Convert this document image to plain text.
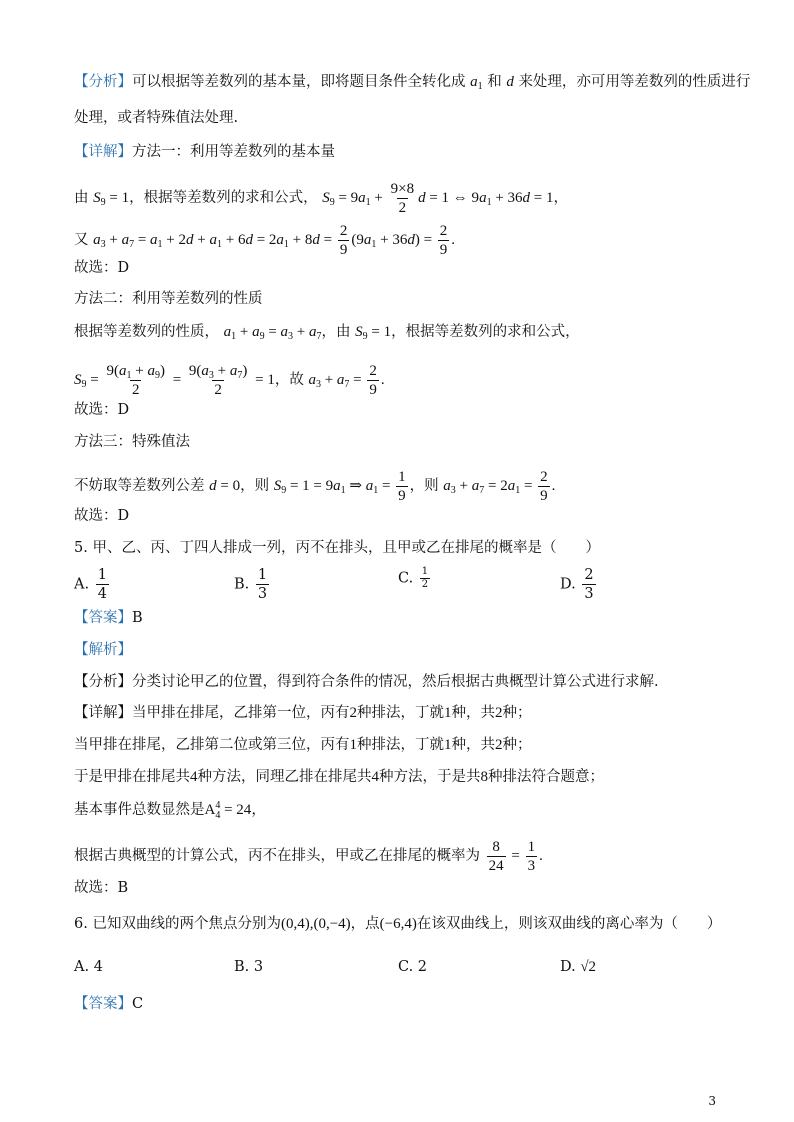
【分析】可以根据等差数列的基本量，即将题目条件全转化成 $a_1$ 和 d 来处理，亦可用等差数列的性质进行
处理，或者特殊值法处理.
【详解】方法一：利用等差数列的基本量
由 $S_9 = 1$，根据等差数列的求和公式， $S_9 = 9a_1 + \frac{9\times 8}{2}$ d = 1 ⇔ $9a_1 + 36d = 1$，
又 $a_3 + a_7 = a_1 + 2d + a_1 + 6d = 2a_1 + 8d = \frac{2}{9} (9a_1 + 36d) = \frac{2}{9}$ .
故选：D
方法二：利用等差数列的性质
根据等差数列的性质， $a_1 + a_9 = a_3 + a_7$，由 $S_9 = 1$，根据等差数列的求和公式，
$S_9 = \frac{9(a_1 + a_9)}{2} = \frac{9(a_3 + a_7)}{2} = 1$，故 $a_3 + a_7 = \frac{2}{9}$ .
故选：D
方法三：特殊值法
不妨取等差数列公差 d = 0，则 $S_9 = 1 = 9a_1$ ⇒ $a_1 = \frac{1}{9}$ ，则 $a_3 + a_7 = 2a_1 = \frac{2}{9}$ .
故选：D
5. 甲、乙、丙、丁四人排成一列，丙不在排头，且甲或乙在排尾的概率是（　　）
A. $\frac{1}{4}$	B. $\frac{1}{3}$	C. $\frac{1}{2}$	D. $\frac{2}{3}$
【答案】B
【解析】
【分析】分类讨论甲乙的位置，得到符合条件的情况，然后根据古典概型计算公式进行求解.
【详解】当甲排在排尾，乙排第一位，丙有2种排法，丁就1种，共2种；
当甲排在排尾，乙排第二位或第三位，丙有1种排法，丁就1种，共2种；
于是甲排在排尾共4种方法，同理乙排在排尾共4种方法，于是共8种排法符合题意；
基本事件总数显然是$A_4^4 = 24$，
根据古典概型的计算公式，丙不在排头，甲或乙在排尾的概率为 $\frac{8}{24} = \frac{1}{3}$ .
故选：B
6. 已知双曲线的两个焦点分别为(0,4),(0,−4)，点(−6,4)在该双曲线上，则该双曲线的离心率为（　　）
A. 4	B. 3	C. 2	D. √2
【答案】C
3
